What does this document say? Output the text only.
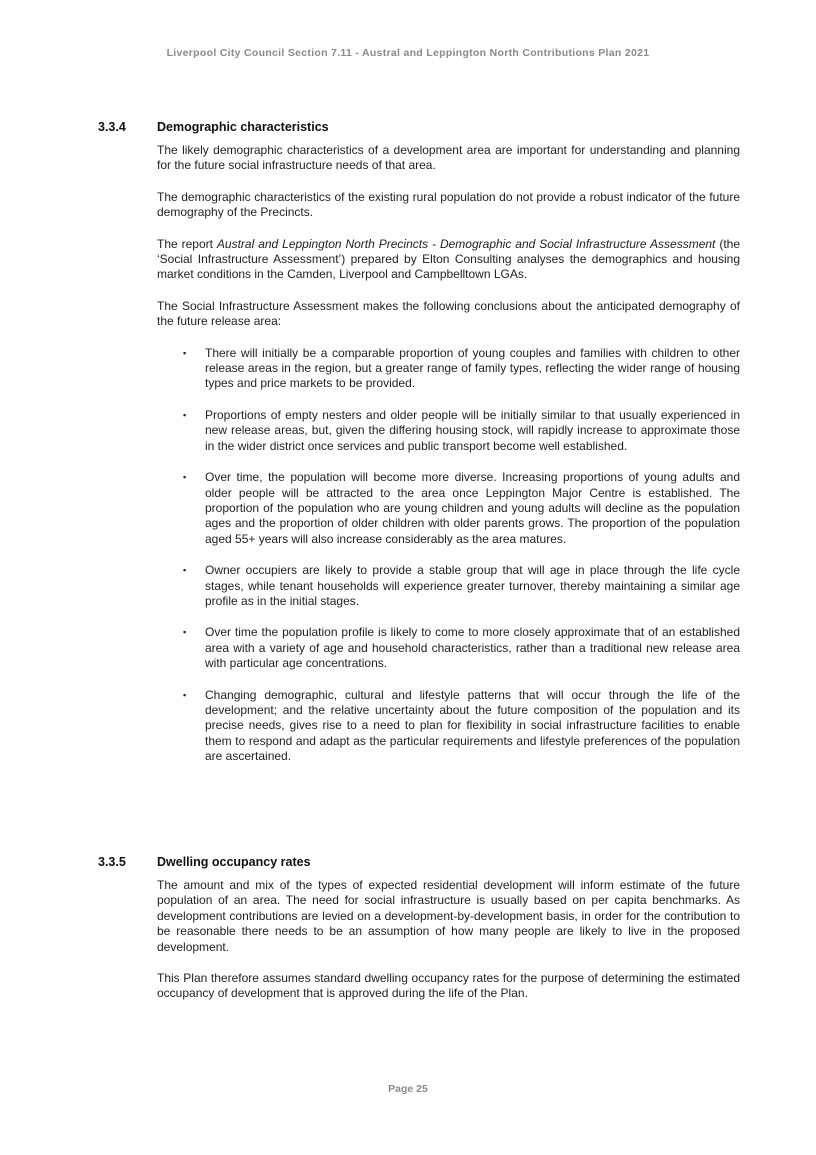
Liverpool City Council Section 7.11 - Austral and Leppington North Contributions Plan 2021
3.3.4	Demographic characteristics

The likely demographic characteristics of a development area are important for understanding and planning for the future social infrastructure needs of that area.

The demographic characteristics of the existing rural population do not provide a robust indicator of the future demography of the Precincts.

The report Austral and Leppington North Precincts - Demographic and Social Infrastructure Assessment (the ‘Social Infrastructure Assessment’) prepared by Elton Consulting analyses the demographics and housing market conditions in the Camden, Liverpool and Campbelltown LGAs.

The Social Infrastructure Assessment makes the following conclusions about the anticipated demography of the future release area:

▪	There will initially be a comparable proportion of young couples and families with children to other release areas in the region, but a greater range of family types, reflecting the wider range of housing types and price markets to be provided.
▪	Proportions of empty nesters and older people will be initially similar to that usually experienced in new release areas, but, given the differing housing stock, will rapidly increase to approximate those in the wider district once services and public transport become well established.
▪	Over time, the population will become more diverse. Increasing proportions of young adults and older people will be attracted to the area once Leppington Major Centre is established. The proportion of the population who are young children and young adults will decline as the population ages and the proportion of older children with older parents grows. The proportion of the population aged 55+ years will also increase considerably as the area matures.
▪	Owner occupiers are likely to provide a stable group that will age in place through the life cycle stages, while tenant households will experience greater turnover, thereby maintaining a similar age profile as in the initial stages.
▪	Over time the population profile is likely to come to more closely approximate that of an established area with a variety of age and household characteristics, rather than a traditional new release area with particular age concentrations.
▪	Changing demographic, cultural and lifestyle patterns that will occur through the life of the development; and the relative uncertainty about the future composition of the population and its precise needs, gives rise to a need to plan for flexibility in social infrastructure facilities to enable them to respond and adapt as the particular requirements and lifestyle preferences of the population are ascertained.
3.3.5	Dwelling occupancy rates

The amount and mix of the types of expected residential development will inform estimate of the future population of an area. The need for social infrastructure is usually based on per capita benchmarks. As development contributions are levied on a development-by-development basis, in order for the contribution to be reasonable there needs to be an assumption of how many people are likely to live in the proposed development.

This Plan therefore assumes standard dwelling occupancy rates for the purpose of determining the estimated occupancy of development that is approved during the life of the Plan.

Page 25
